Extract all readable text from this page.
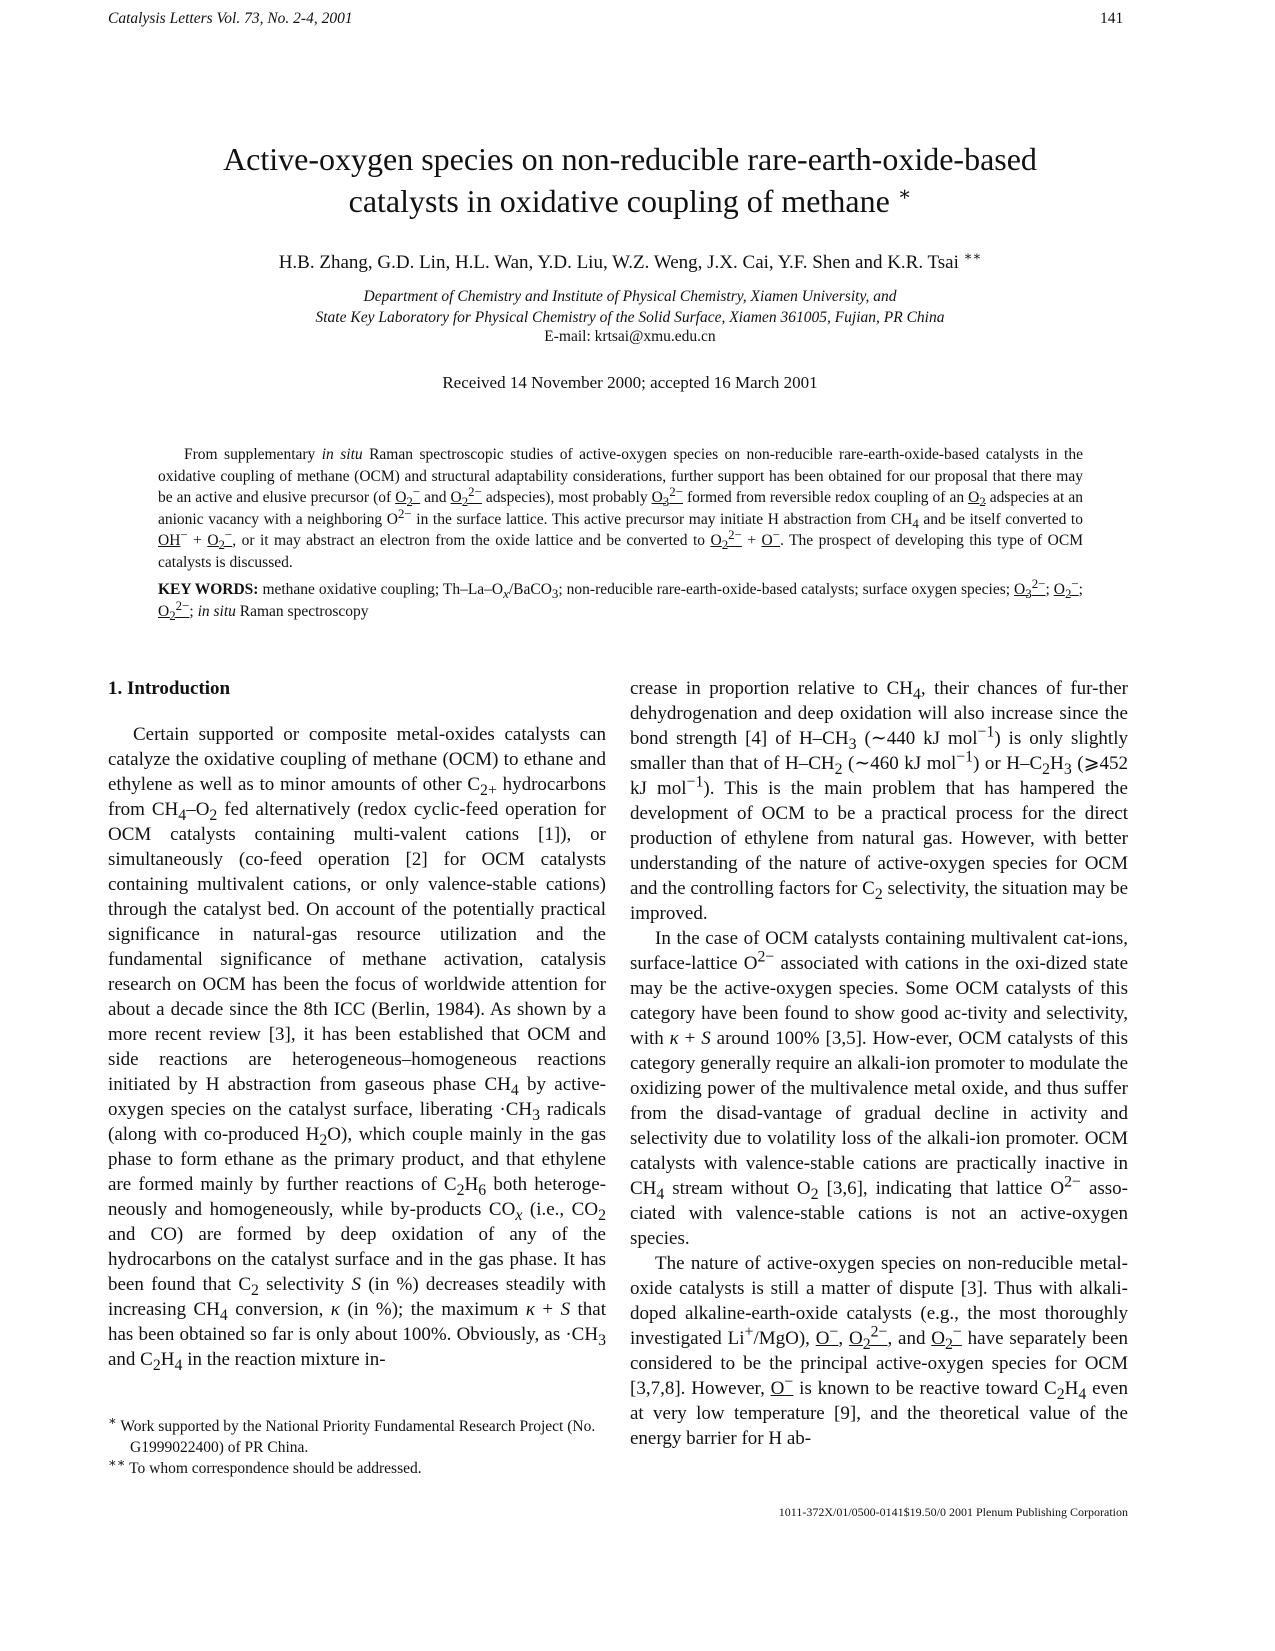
Catalysis Letters Vol. 73, No. 2-4, 2001	141
Active-oxygen species on non-reducible rare-earth-oxide-based
catalysts in oxidative coupling of methane ∗
H.B. Zhang, G.D. Lin, H.L. Wan, Y.D. Liu, W.Z. Weng, J.X. Cai, Y.F. Shen and K.R. Tsai ∗∗
Department of Chemistry and Institute of Physical Chemistry, Xiamen University, and
State Key Laboratory for Physical Chemistry of the Solid Surface, Xiamen 361005, Fujian, PR China
E-mail: krtsai@xmu.edu.cn
Received 14 November 2000; accepted 16 March 2001
From supplementary in situ Raman spectroscopic studies of active-oxygen species on non-reducible rare-earth-oxide-based catalysts in the oxidative coupling of methane (OCM) and structural adaptability considerations, further support has been obtained for our proposal that there may be an active and elusive precursor (of $O_2^-$ and $O_2^{2-}$ adspecies), most probably $O_3^{2-}$ formed from reversible redox coupling of an $O_2$ adspecies at an anionic vacancy with a neighboring $O^{2-}$ in the surface lattice. This active precursor may initiate H abstraction from $CH_4$ and be itself converted to $OH^- + O_2^-$, or it may abstract an electron from the oxide lattice and be converted to $O_2^{2-} + O^-$. The prospect of developing this type of OCM catalysts is discussed.
KEY WORDS: methane oxidative coupling; $Th-La-O_x/BaCO_3$; non-reducible rare-earth-oxide-based catalysts; surface oxygen species; $O_3^{2-}$; $O_2^-$; $O_2^{2-}$; in situ Raman spectroscopy
1. Introduction

Certain supported or composite metal-oxides catalysts can catalyze the oxidative coupling of methane (OCM) to ethane and ethylene as well as to minor amounts of other $C_{2+}$ hydrocarbons from $CH_4-O_2$ fed alternatively (redox cyclic-feed operation for OCM catalysts containing multi-valent cations [1]), or simultaneously (co-feed operation [2] for OCM catalysts containing multivalent cations, or only valence-stable cations) through the catalyst bed. On account of the potentially practical significance in natural-gas resource utilization and the fundamental significance of methane activation, catalysis research on OCM has been the focus of worldwide attention for about a decade since the 8th ICC (Berlin, 1984). As shown by a more recent review [3], it has been established that OCM and side reactions are heterogeneous–homogeneous reactions initiated by H abstraction from gaseous phase $CH_4$ by active-oxygen species on the catalyst surface, liberating $\cdot CH_3$ radicals (along with co-produced $H_2O$), which couple mainly in the gas phase to form ethane as the primary product, and that ethylene are formed mainly by further reactions of $C_2H_6$ both heteroge-neously and homogeneously, while by-products $CO_x$ (i.e., $CO_2$ and CO) are formed by deep oxidation of any of the hydrocarbons on the catalyst surface and in the gas phase. It has been found that $C_2$ selectivity S (in %) decreases steadily with increasing $CH_4$ conversion, κ (in %); the maximum κ + S that has been obtained so far is only about 100%. Obviously, as $\cdot CH_3$ and $C_2H_4$ in the reaction mixture in-

∗ Work supported by the National Priority Fundamental Research Project (No. G1999022400) of PR China.
∗∗ To whom correspondence should be addressed.

crease in proportion relative to $CH_4$, their chances of fur-ther dehydrogenation and deep oxidation will also increase since the bond strength [4] of $H-CH_3$ (∼440 kJ mol$^{-1}$) is only slightly smaller than that of $H-CH_2$ (∼460 kJ mol$^{-1}$) or $H-C_2H_3$ (⩾452 kJ mol$^{-1}$). This is the main problem that has hampered the development of OCM to be a practical process for the direct production of ethylene from natural gas. However, with better understanding of the nature of active-oxygen species for OCM and the controlling factors for $C_2$ selectivity, the situation may be improved.

In the case of OCM catalysts containing multivalent cat-ions, surface-lattice $O^{2-}$ associated with cations in the oxi-dized state may be the active-oxygen species. Some OCM catalysts of this category have been found to show good ac-tivity and selectivity, with κ + S around 100% [3,5]. How-ever, OCM catalysts of this category generally require an alkali-ion promoter to modulate the oxidizing power of the multivalence metal oxide, and thus suffer from the disad-vantage of gradual decline in activity and selectivity due to volatility loss of the alkali-ion promoter. OCM catalysts with valence-stable cations are practically inactive in $CH_4$ stream without $O_2$ [3,6], indicating that lattice $O^{2-}$ asso-ciated with valence-stable cations is not an active-oxygen species.

The nature of active-oxygen species on non-reducible metal-oxide catalysts is still a matter of dispute [3]. Thus with alkali-doped alkaline-earth-oxide catalysts (e.g., the most thoroughly investigated Li+/MgO), O−, $O_2^{2-}$, and $O_2^-$ have separately been considered to be the principal active-oxygen species for OCM [3,7,8]. However, O− is known to be reactive toward $C_2H_4$ even at very low temperature [9], and the theoretical value of the energy barrier for H ab-

1011-372X/01/0500-0141$19.50/0 2001 Plenum Publishing Corporation
